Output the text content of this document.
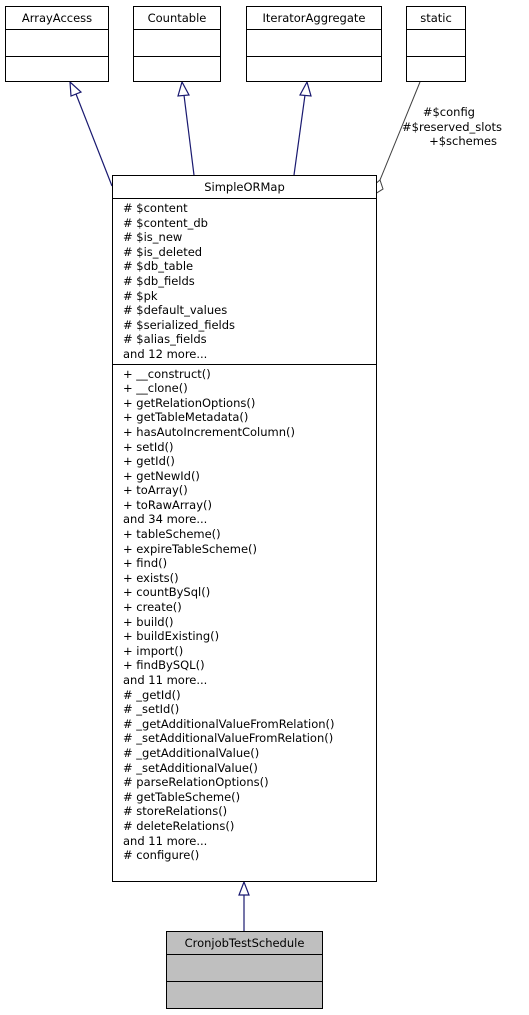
ArrayAccess	Countable	IteratorAggregate	static
#$config
#$reserved_slots
+$schemes
SimpleORMap
# $content
# $content_db
# $is_new
# $is_deleted
# $db_table
# $db_fields
# $pk
# $default_values
# $serialized_fields
# $alias_fields
and 12 more...
+ __construct()
+ __clone()
+ getRelationOptions()
+ getTableMetadata()
+ hasAutoIncrementColumn()
+ setId()
+ getId()
+ getNewId()
+ toArray()
+ toRawArray()
and 34 more...
+ tableScheme()
+ expireTableScheme()
+ find()
+ exists()
+ countBySql()
+ create()
+ build()
+ buildExisting()
+ import()
+ findBySQL()
and 11 more...
# _getId()
# _setId()
# _getAdditionalValueFromRelation()
# _setAdditionalValueFromRelation()
# _getAdditionalValue()
# _setAdditionalValue()
# parseRelationOptions()
# getTableScheme()
# storeRelations()
# deleteRelations()
and 11 more...
# configure()
CronjobTestSchedule
